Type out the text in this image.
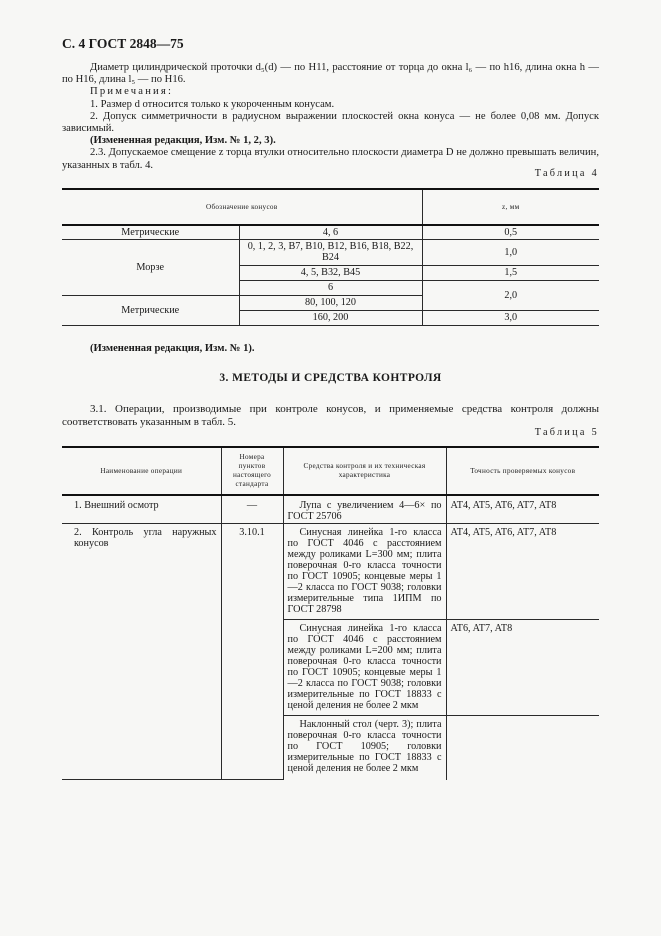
С. 4 ГОСТ 2848—75

Диаметр цилиндрической проточки d₅(d) — по Н11, расстояние от торца до окна l₆ — по h16, длина окна h — по Н16, длина l₅ — по Н16.

Примечания:

1. Размер d относится только к укороченным конусам.

2. Допуск симметричности в радиусном выражении плоскостей окна конуса — не более 0,08 мм. Допуск зависимый.

(Измененная редакция, Изм. № 1, 2, 3).

2.3. Допускаемое смещение z торца втулки относительно плоскости диаметра D не должно превышать величин, указанных в табл. 4.

Таблица 4
Обозначение конусов		z, мм
Метрические	4, 6	0,5
Морзе	0, 1, 2, 3, В7, В10, В12, В16, В18, В22, В24	1,0
	4, 5, В32, В45	1,5
	6	2,0
Метрические	80, 100, 120	
	160, 200	3,0
(Измененная редакция, Изм. № 1).
3. МЕТОДЫ И СРЕДСТВА КОНТРОЛЯ
3.1. Операции, производимые при контроле конусов, и применяемые средства контроля должны соответствовать указанным в табл. 5.
Таблица 5
Наименование операции	Номера пунктов настоящего стандарта	Средства контроля и их техническая характеристика	Точность проверяемых конусов
1. Внешний осмотр	—	Лупа с увеличением 4—6× по ГОСТ 25706	AT4, AT5, AT6, AT7, AT8
2. Контроль угла наружных конусов	3.10.1	Синусная линейка 1-го класса по ГОСТ 4046 с расстоянием между роликами L=300 мм; плита поверочная 0-го класса точности по ГОСТ 10905; концевые меры 1—2 класса по ГОСТ 9038; головки измерительные типа 1ИПМ по ГОСТ 28798	AT4, AT5, AT6, AT7, AT8
		Синусная линейка 1-го класса по ГОСТ 4046 с расстоянием между роликами L=200 мм; плита поверочная 0-го класса точности по ГОСТ 10905; концевые меры 1—2 класса по ГОСТ 9038; головки измерительные по ГОСТ 18833 с ценой деления не более 2 мкм	AT6, AT7, AT8
		Наклонный стол (черт. 3); плита поверочная 0-го класса точности по ГОСТ 10905; головки измерительные по ГОСТ 18833 с ценой деления не более 2 мкм	
